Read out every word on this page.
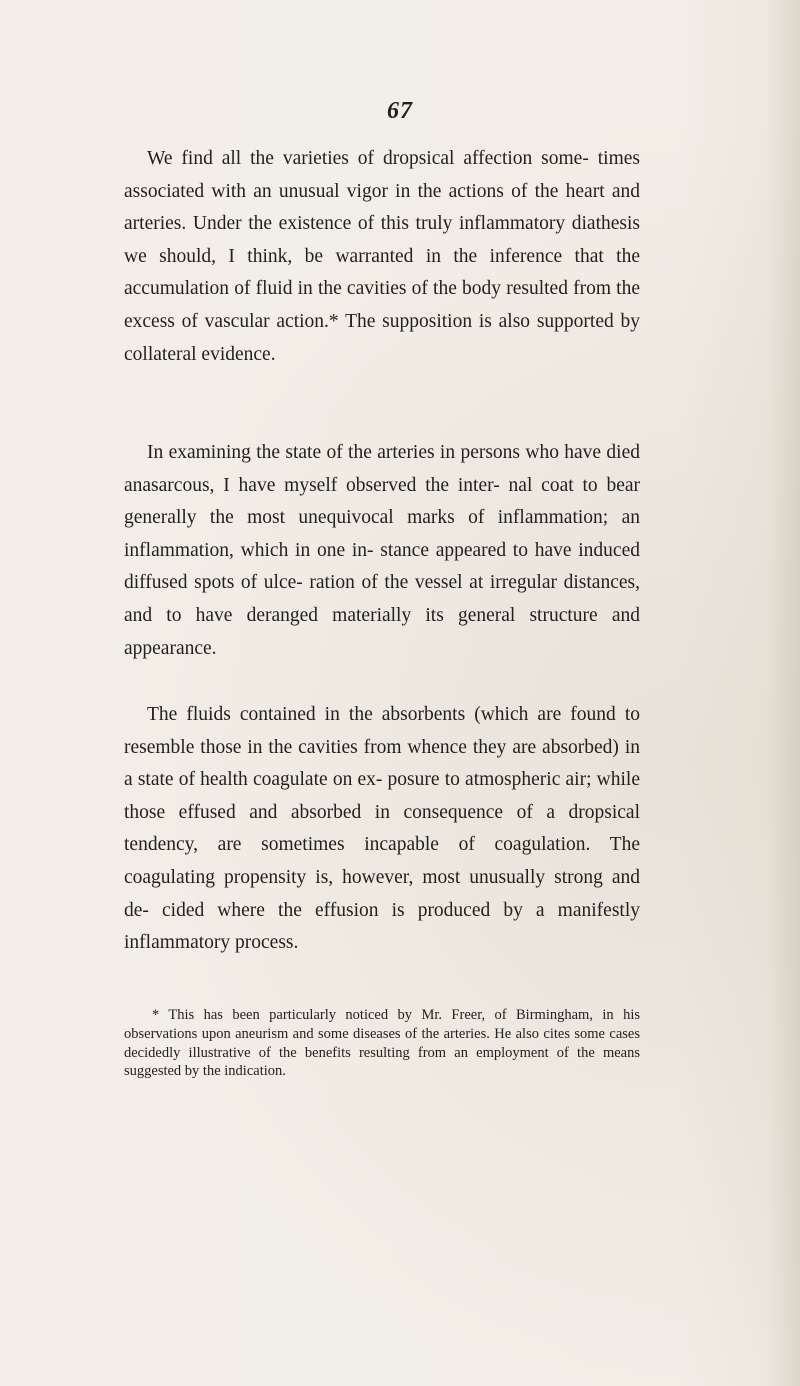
67

We find all the varieties of dropsical affection some- times associated with an unusual vigor in the actions of the heart and arteries. Under the existence of this truly inflammatory diathesis we should, I think, be warranted in the inference that the accumulation of fluid in the cavities of the body resulted from the excess of vascular action.* The supposition is also supported by collateral evidence.

In examining the state of the arteries in persons who have died anasarcous, I have myself observed the inter- nal coat to bear generally the most unequivocal marks of inflammation; an inflammation, which in one in- stance appeared to have induced diffused spots of ulce- ration of the vessel at irregular distances, and to have deranged materially its general structure and appearance.

The fluids contained in the absorbents (which are found to resemble those in the cavities from whence they are absorbed) in a state of health coagulate on ex- posure to atmospheric air; while those effused and absorbed in consequence of a dropsical tendency, are sometimes incapable of coagulation. The coagulating propensity is, however, most unusually strong and de- cided where the effusion is produced by a manifestly inflammatory process.

* This has been particularly noticed by Mr. Freer, of Birmingham, in his observations upon aneurism and some diseases of the arteries. He also cites some cases decidedly illustrative of the benefits resulting from an employment of the means suggested by the indication.
